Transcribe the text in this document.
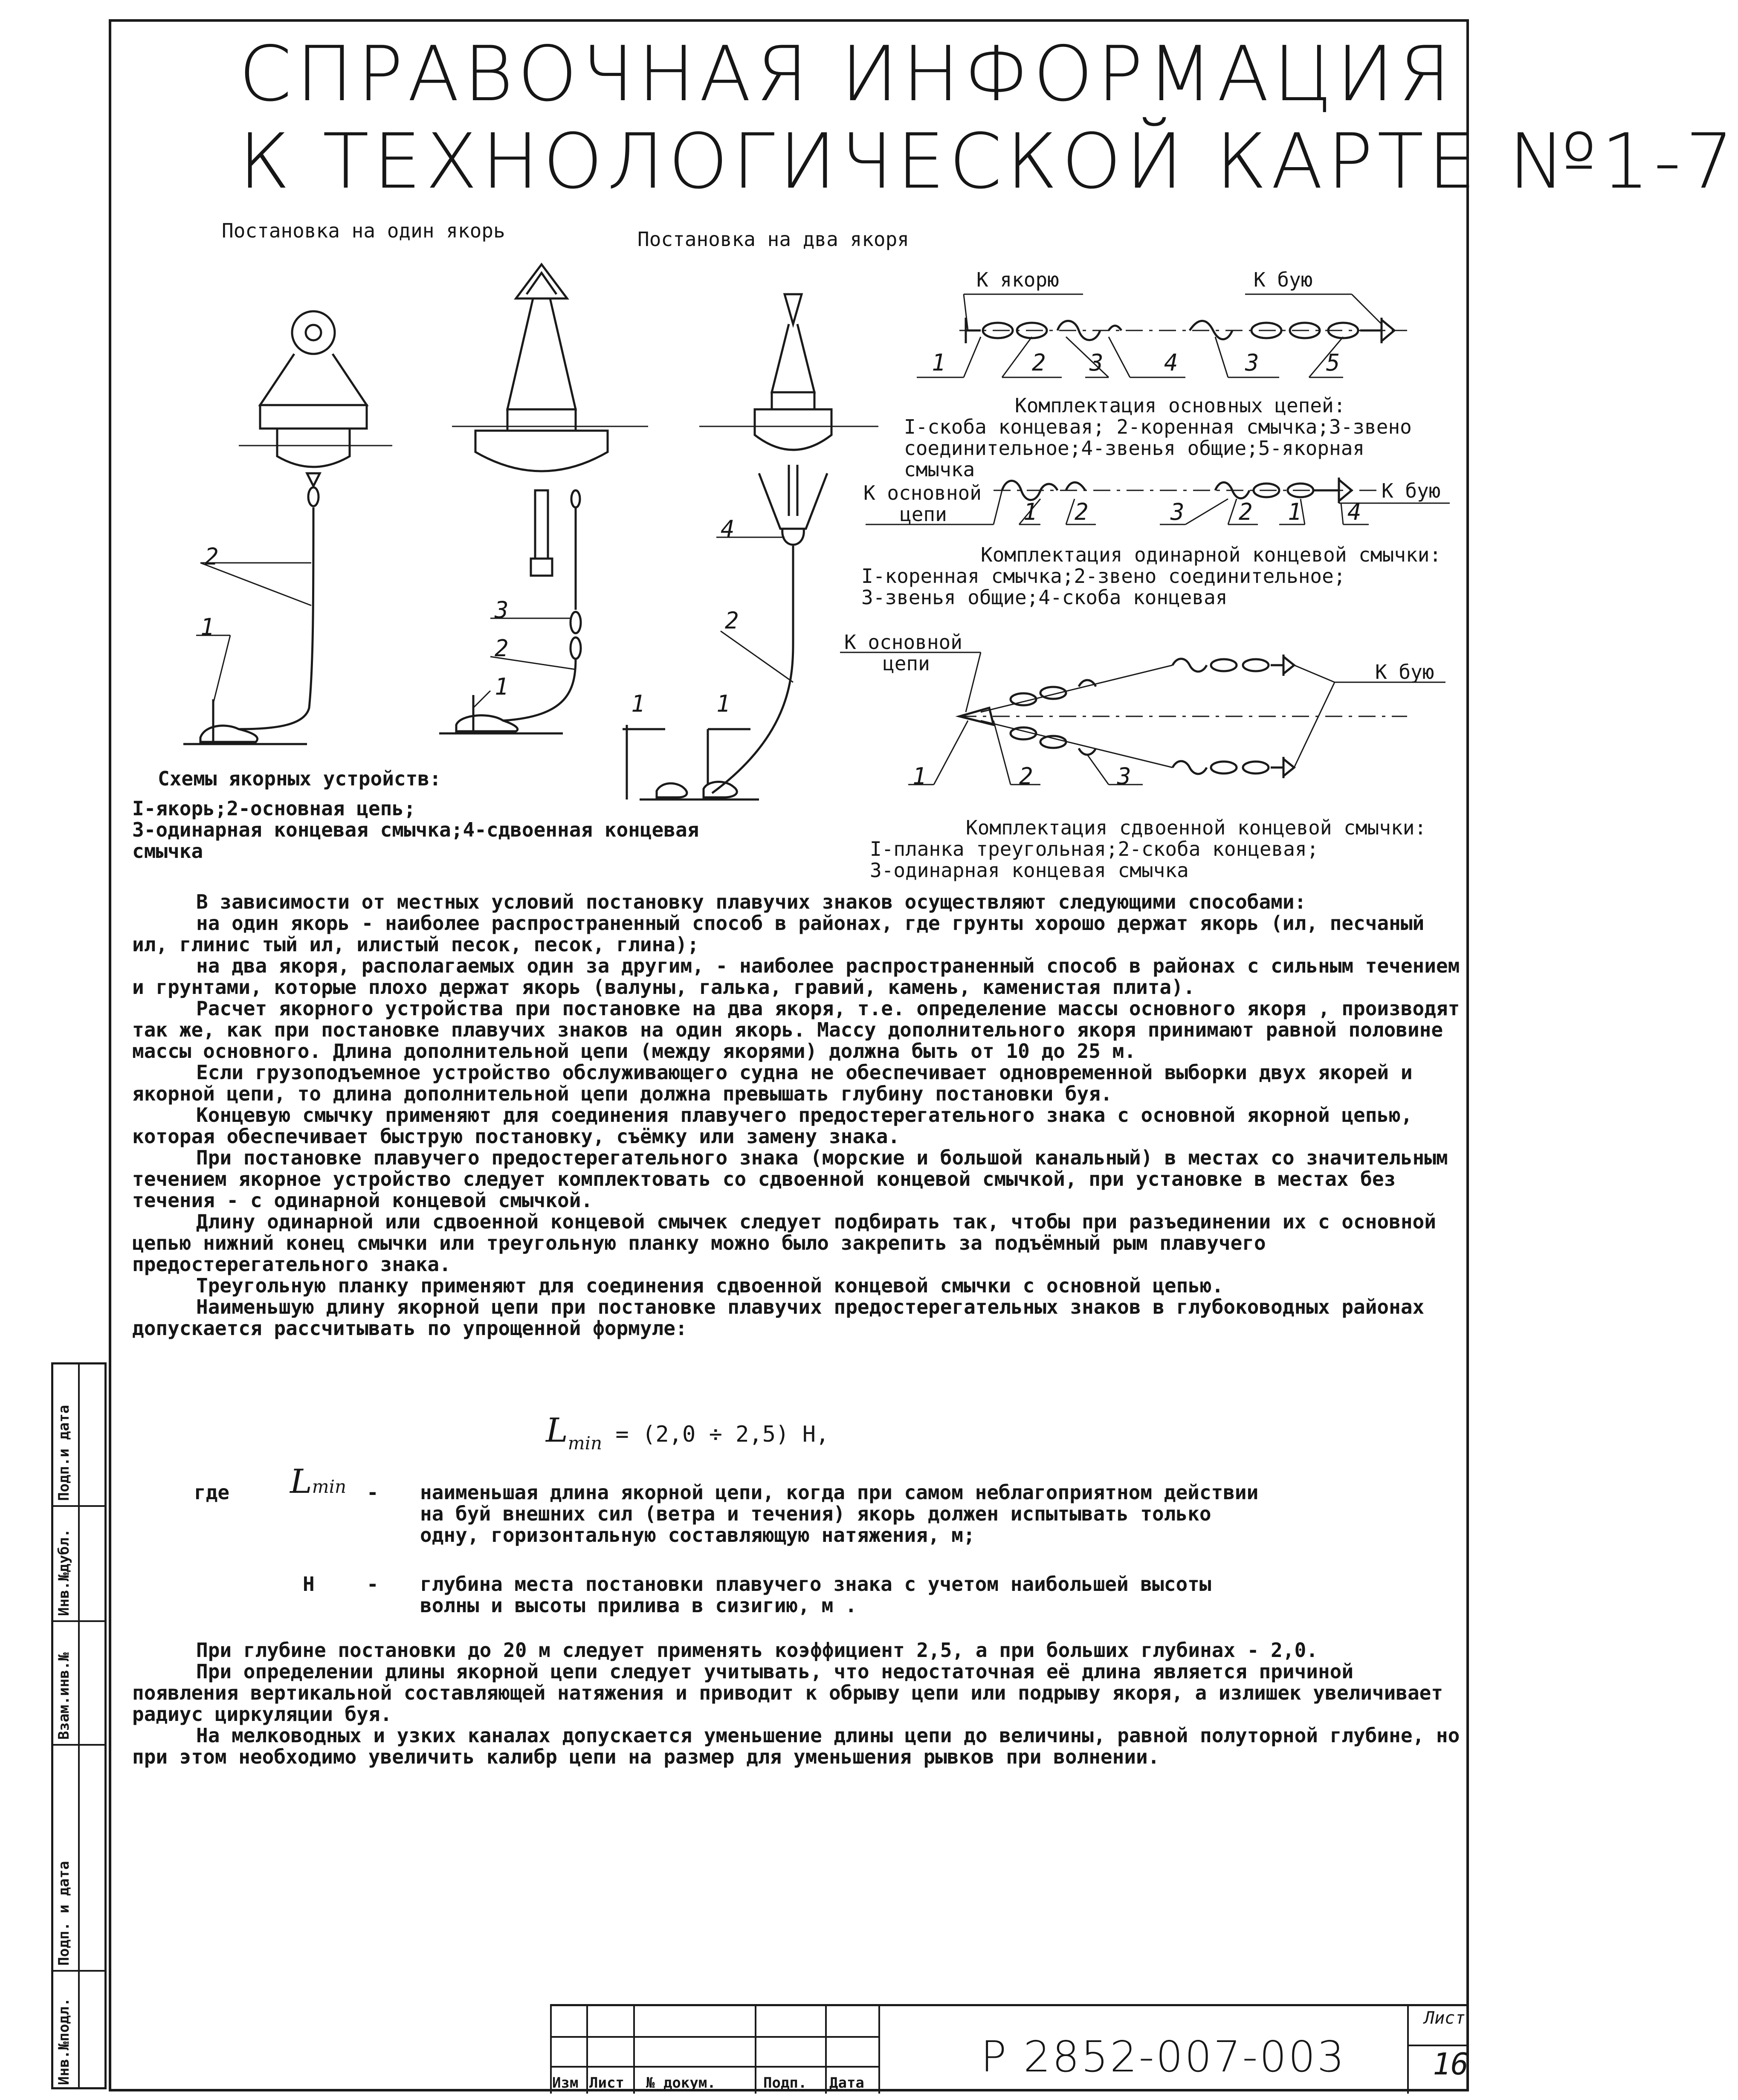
СПРАВОЧНАЯ ИНФОРМАЦИЯ
К ТЕХНОЛОГИЧЕСКОЙ КАРТЕ №1-7
Постановка на один якорь	Постановка на два якоря
2
1
3
2
1
4
2
1	1
Схемы якорных устройств:
I-якорь;2-основная цепь;
3-одинарная концевая смычка;4-сдвоенная концевая
смычка
К якорю	К бую
1	2 3	4	3	5
Комплектация основных цепей:
I-скоба концевая; 2-коренная смычка;3-звено
соединительное;4-звенья общие;5-якорная
смычка
К основной
цепи
К бую
1 2	3 2 1 4
Комплектация одинарной концевой смычки:
I-коренная смычка;2-звено соединительное;
3-звенья общие;4-скоба концевая
К основной
цепи	К бую
1	2	3
Комплектация сдвоенной концевой смычки:
I-планка треугольная;2-скоба концевая;
3-одинарная концевая смычка

В зависимости от местных условий постановку плавучих знаков осуществляют следующими способами:

на один якорь - наиболее распространенный способ в районах, где грунты хорошо держат якорь (ил, песчаный ил, глинис тый ил, илистый песок, песок, глина);

на два якоря, располагаемых один за другим, - наиболее распространенный способ в районах с сильным течением и грунтами, которые плохо держат якорь (валуны, галька, гравий, камень, каменистая плита).

Расчет якорного устройства при постановке на два якоря, т.е. определение массы основного якоря , производят так же, как при постановке плавучих знаков на один якорь. Массу дополнительного якоря принимают равной половине массы основного. Длина дополнительной цепи (между якорями) должна быть от 10 до 25 м.

Если грузоподъемное устройство обслуживающего судна не обеспечивает одновременной выборки двух якорей и якорной цепи, то длина дополнительной цепи должна превышать глубину постановки буя.

Концевую смычку применяют для соединения плавучего предостерегательного знака с основной якорной цепью, которая обеспечивает быструю постановку, съёмку или замену знака.

При постановке плавучего предостерегательного знака (морские и большой канальный) в местах со значительным течением якорное устройство следует комплектовать со сдвоенной концевой смычкой, при установке в местах без течения - с одинарной концевой смычкой.

Длину одинарной или сдвоенной концевой смычек следует подбирать так, чтобы при разъединении их с основной цепью нижний конец смычки или треугольную планку можно было закрепить за подъёмный рым плавучего предостерегательного знака.

Треугольную планку применяют для соединения сдвоенной концевой смычки с основной цепью.

Наименьшую длину якорной цепи при постановке плавучих предостерегательных знаков в глубоководных районах допускается рассчитывать по упрощенной формуле:

$L_{min} = (2,0 \div 2,5)$ Н,
где Lmin - наименьшая длина якорной цепи, когда при самом неблагоприятном действии
на буй внешних сил (ветра и течения) якорь должен испытывать только
одну, горизонтальную составляющую натяжения, м;
Н	- глубина места постановки плавучего знака с учетом наибольшей высоты
волны и высоты прилива в сизигию, м .

При глубине постановки до 20 м следует применять коэффициент 2,5, а при больших глубинах - 2,0.

При определении длины якорной цепи следует учитывать, что недостаточная её длина является причиной появления вертикальной составляющей натяжения и приводит к обрыву цепи или подрыву якоря, а излишек увеличивает радиус циркуляции буя.

На мелководных и узких каналах допускается уменьшение длины цепи до величины, равной полуторной глубине, но при этом необходимо увеличить калибр цепи на размер для уменьшения рывков при волнении.

Подп.и дата
Инв.№дубл.
Взам.инв.№
Подп. и дата
Инв.№подл.	Изм Лист № докум.	Подп. Дата
Р 2852-007-003
Лист
16
